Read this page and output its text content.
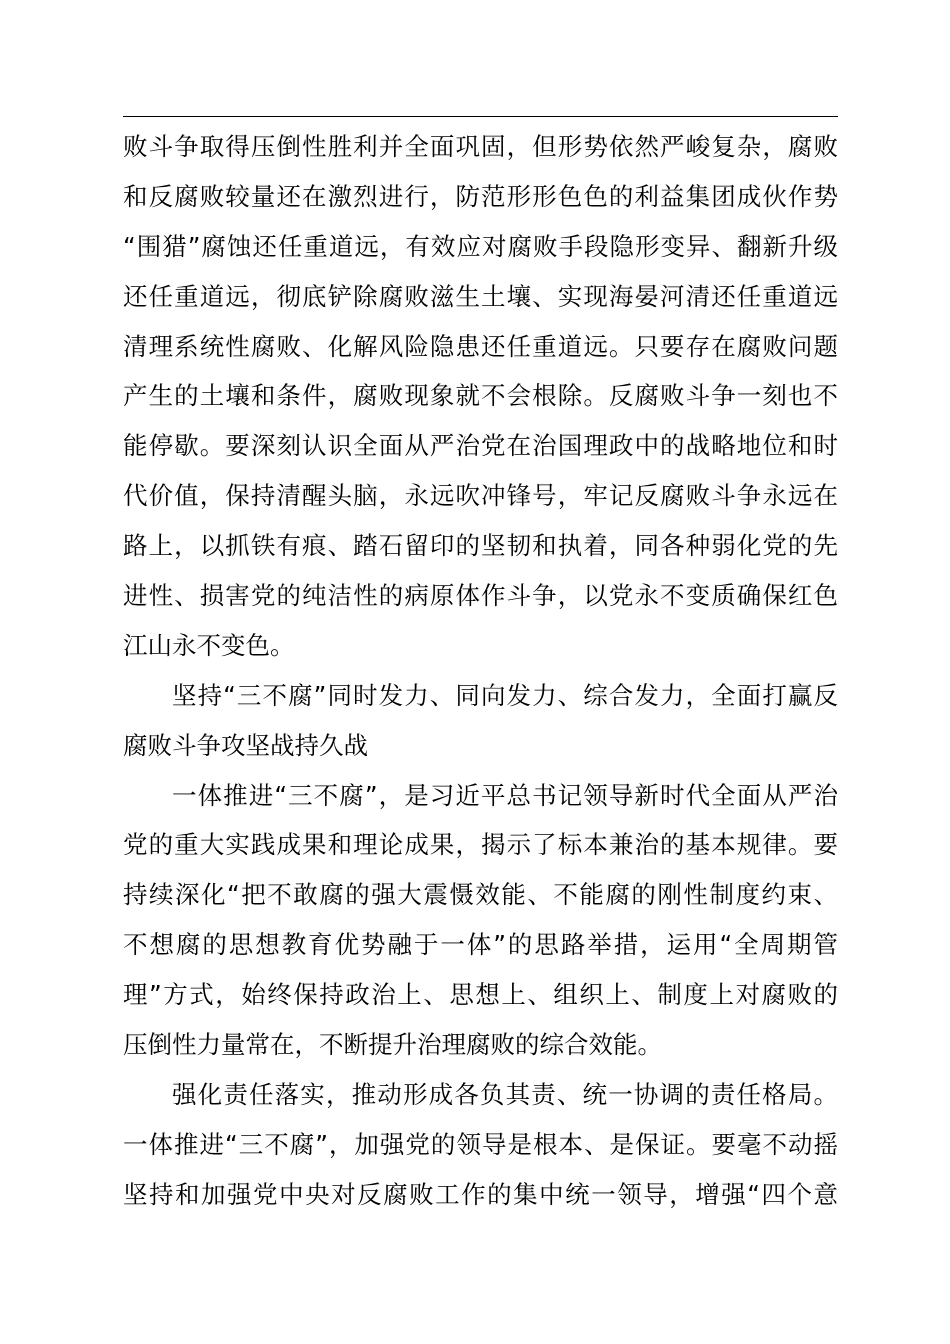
败斗争取得压倒性胜利并全面巩固，但形势依然严峻复杂，腐败
和反腐败较量还在激烈进行，防范形形色色的利益集团成伙作势
“围猎”腐蚀还任重道远，有效应对腐败手段隐形变异、翻新升级
还任重道远，彻底铲除腐败滋生土壤、实现海晏河清还任重道远
清理系统性腐败、化解风险隐患还任重道远。只要存在腐败问题
产生的土壤和条件，腐败现象就不会根除。反腐败斗争一刻也不
能停歇。要深刻认识全面从严治党在治国理政中的战略地位和时
代价值，保持清醒头脑，永远吹冲锋号，牢记反腐败斗争永远在
路上，以抓铁有痕、踏石留印的坚韧和执着，同各种弱化党的先
进性、损害党的纯洁性的病原体作斗争，以党永不变质确保红色
江山永不变色。
坚持“三不腐”同时发力、同向发力、综合发力，全面打赢反
腐败斗争攻坚战持久战
一体推进“三不腐”，是习近平总书记领导新时代全面从严治
党的重大实践成果和理论成果，揭示了标本兼治的基本规律。要
持续深化“把不敢腐的强大震慑效能、不能腐的刚性制度约束、
不想腐的思想教育优势融于一体”的思路举措，运用“全周期管
理”方式，始终保持政治上、思想上、组织上、制度上对腐败的
压倒性力量常在，不断提升治理腐败的综合效能。
强化责任落实，推动形成各负其责、统一协调的责任格局。
一体推进“三不腐”，加强党的领导是根本、是保证。要毫不动摇
坚持和加强党中央对反腐败工作的集中统一领导，增强“四个意
